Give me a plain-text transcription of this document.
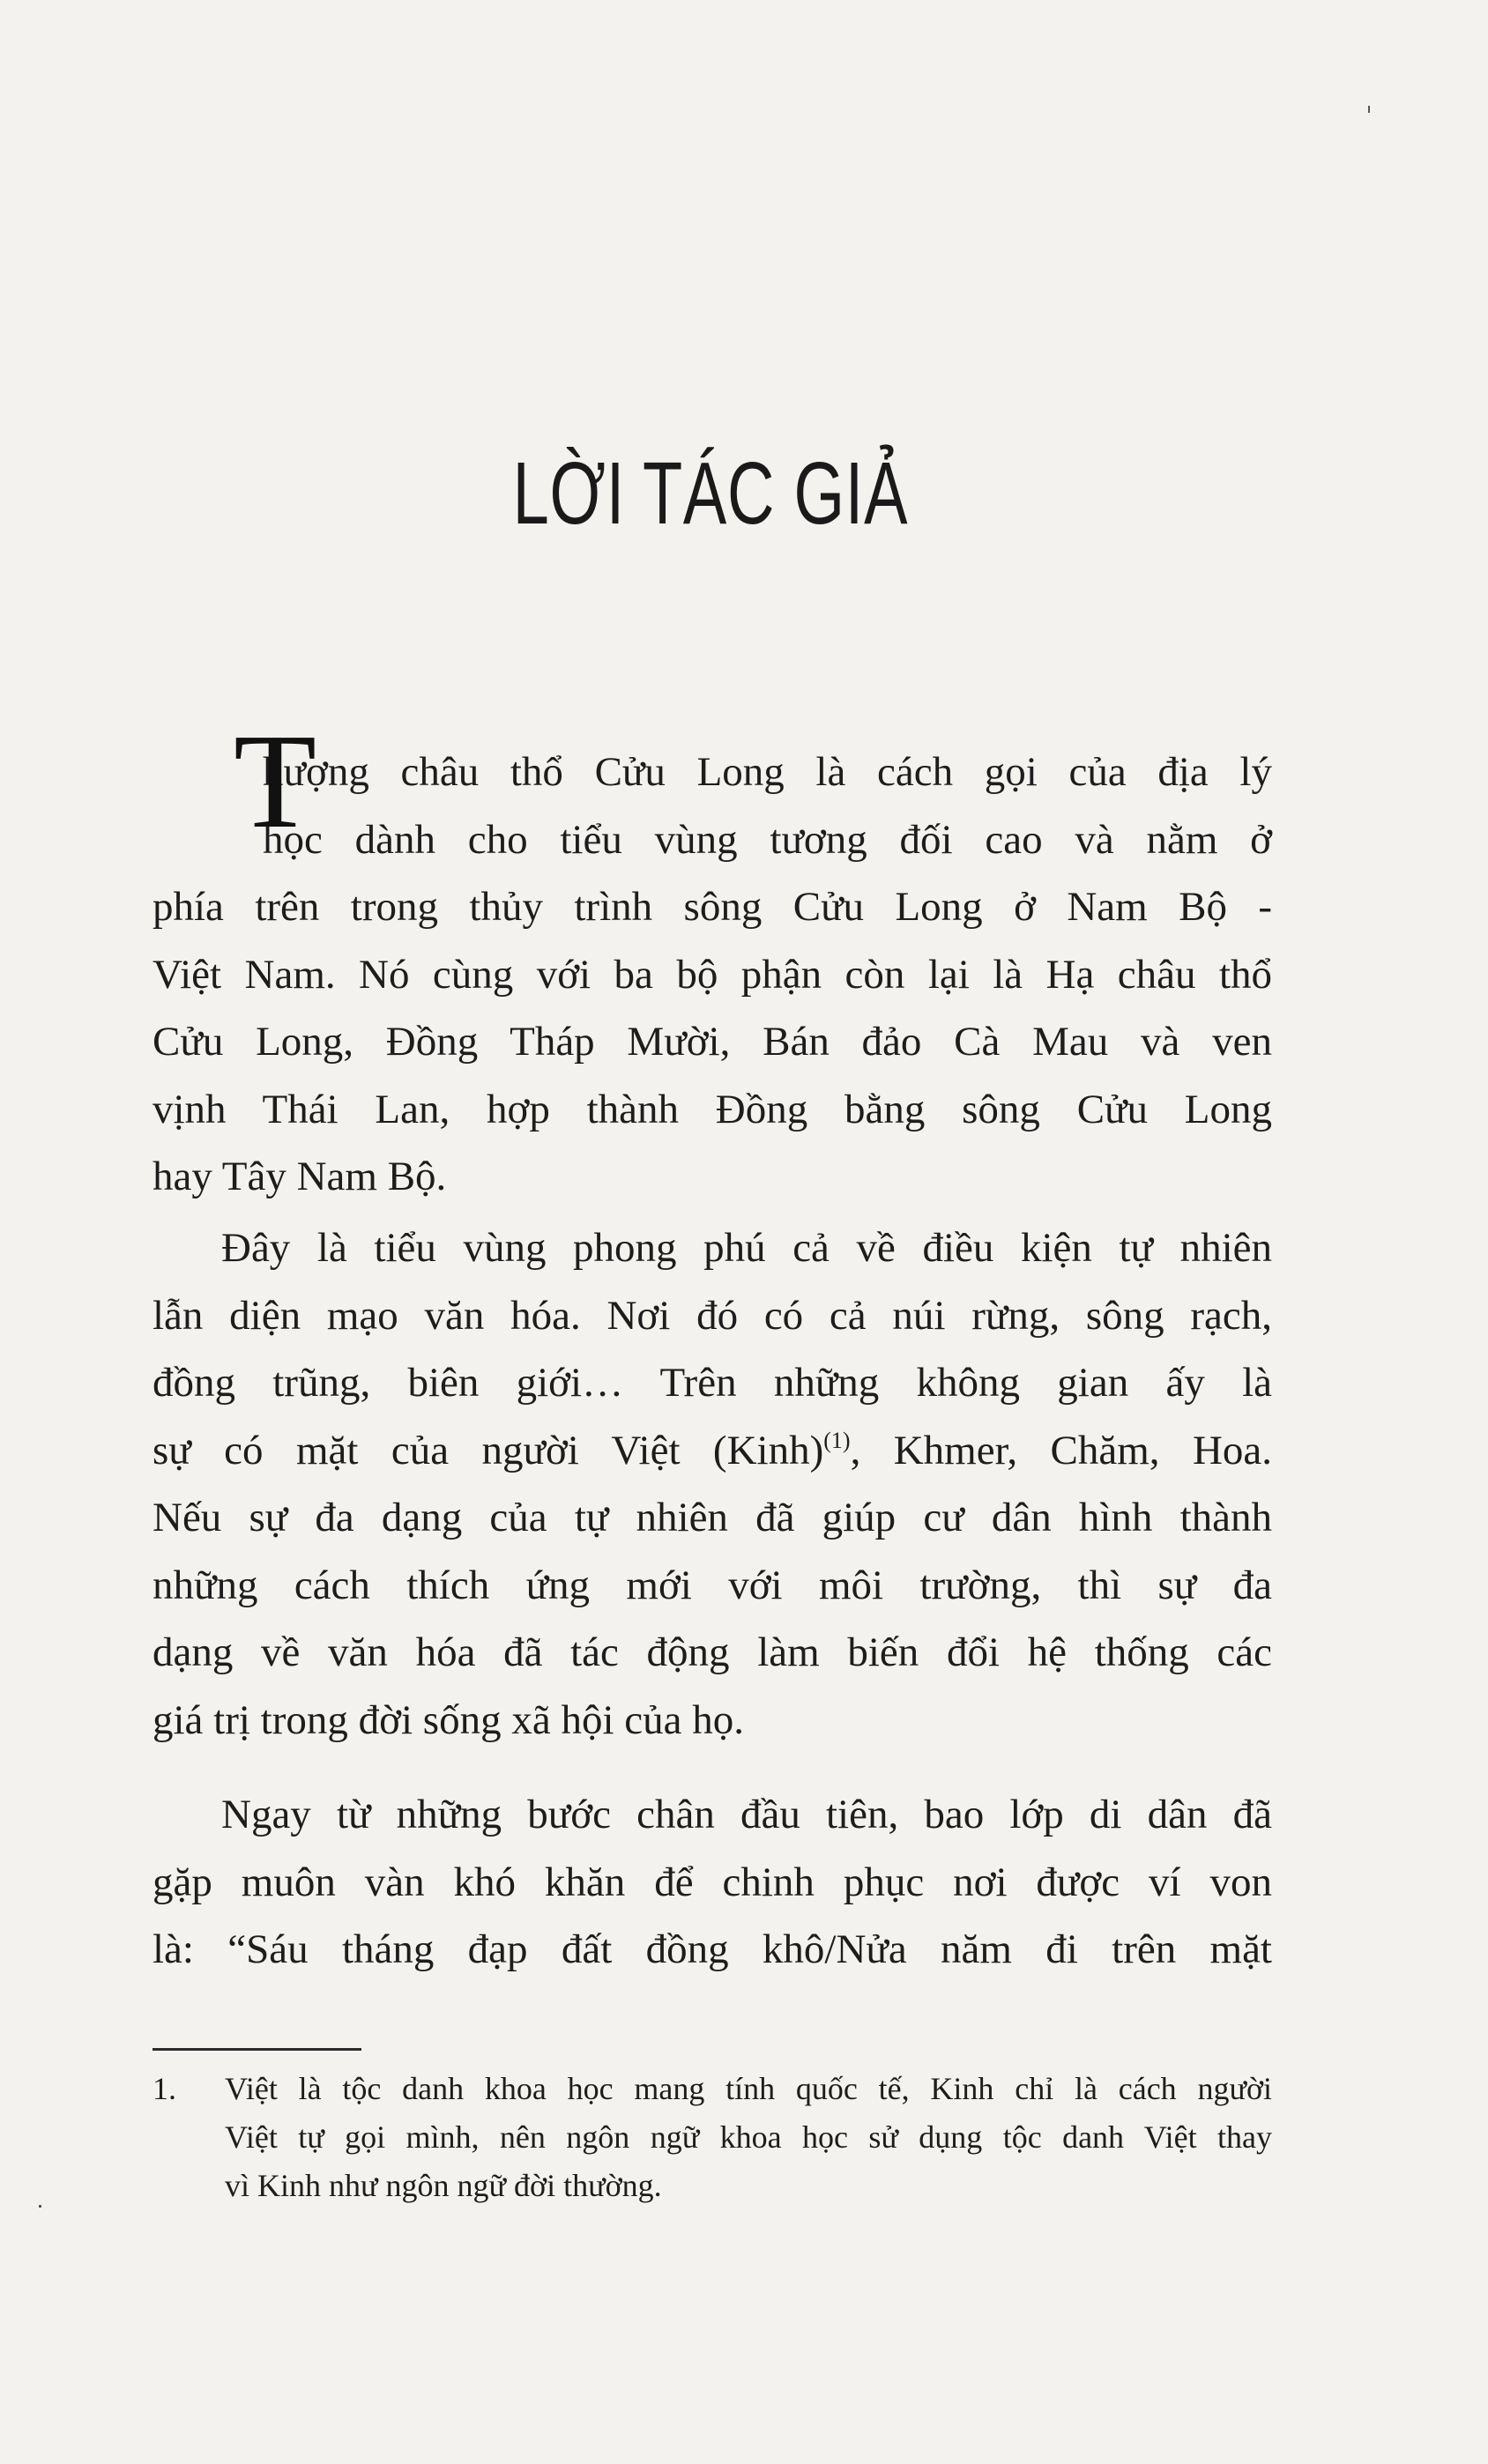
LỜI TÁC GIẢ
T
hượng châu thổ Cửu Long là cách gọi của địa lý
học dành cho tiểu vùng tương đối cao và nằm ở
phía trên trong thủy trình sông Cửu Long ở Nam Bộ -
Việt Nam. Nó cùng với ba bộ phận còn lại là Hạ châu thổ
Cửu Long, Đồng Tháp Mười, Bán đảo Cà Mau và ven
vịnh Thái Lan, hợp thành Đồng bằng sông Cửu Long
hay Tây Nam Bộ.
Đây là tiểu vùng phong phú cả về điều kiện tự nhiên
lẫn diện mạo văn hóa. Nơi đó có cả núi rừng, sông rạch,
đồng trũng, biên giới… Trên những không gian ấy là
sự có mặt của người Việt (Kinh)$^{(1)}$, Khmer, Chăm, Hoa.
Nếu sự đa dạng của tự nhiên đã giúp cư dân hình thành
những cách thích ứng mới với môi trường, thì sự đa
dạng về văn hóa đã tác động làm biến đổi hệ thống các
giá trị trong đời sống xã hội của họ.
Ngay từ những bước chân đầu tiên, bao lớp di dân đã
gặp muôn vàn khó khăn để chinh phục nơi được ví von
là: “Sáu tháng đạp đất đồng khô/Nửa năm đi trên mặt
1. Việt là tộc danh khoa học mang tính quốc tế, Kinh chỉ là cách người
Việt tự gọi mình, nên ngôn ngữ khoa học sử dụng tộc danh Việt thay
vì Kinh như ngôn ngữ đời thường.
